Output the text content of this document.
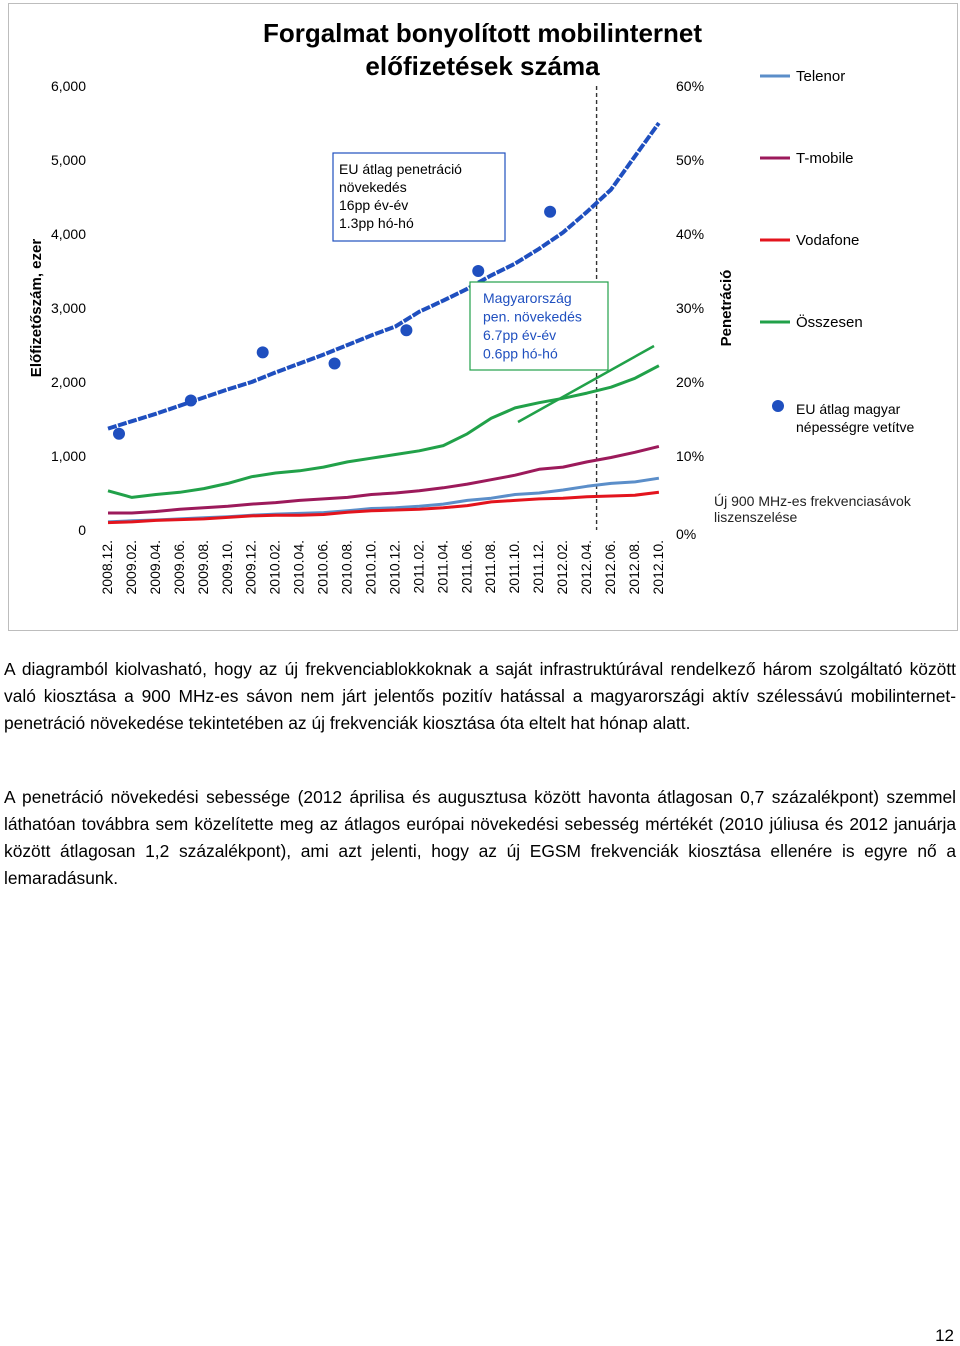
Forgalmat bonyolított mobilinternet
előfizetések száma
6,000
5,000
4,000
3,000
2,000
1,000
0
60%
50%
40%
30%
20%
10%
0%
Előfizetőszám, ezer	Penetráció
2008.12. 2009.02. 2009.04. 2009.06. 2009.08. 2009.10. 2009.12. 2010.02. 2010.04. 2010.06. 2010.08. 2010.10. 2010.12. 2011.02. 2011.04. 2011.06. 2011.08. 2011.10. 2011.12. 2012.02. 2012.04. 2012.06. 2012.08. 2012.10.
EU átlag penetráció
növekedés
16pp év-év
1.3pp hó-hó
Magyarország
pen. növekedés
6.7pp év-év
0.6pp hó-hó
Új 900 MHz-es frekvenciasávok
liszenszelése
Telenor
T-mobile
Vodafone
Összesen
EU átlag magyar
népességre vetítve
A diagramból kiolvasható, hogy az új frekvenciablokkoknak a saját infrastruktúrával rendelkező három szolgáltató között való kiosztása a 900 MHz-es sávon nem járt jelentős pozitív hatással a magyarországi aktív szélessávú mobilinternet-penetráció növekedése tekintetében az új frekvenciák kiosztása óta eltelt hat hónap alatt.
A penetráció növekedési sebessége (2012 áprilisa és augusztusa között havonta átlagosan 0,7 százalékpont) szemmel láthatóan továbbra sem közelítette meg az átlagos európai növekedési sebesség mértékét (2010 júliusa és 2012 januárja között átlagosan 1,2 százalékpont), ami azt jelenti, hogy az új EGSM frekvenciák kiosztása ellenére is egyre nő a lemaradásunk.
12
